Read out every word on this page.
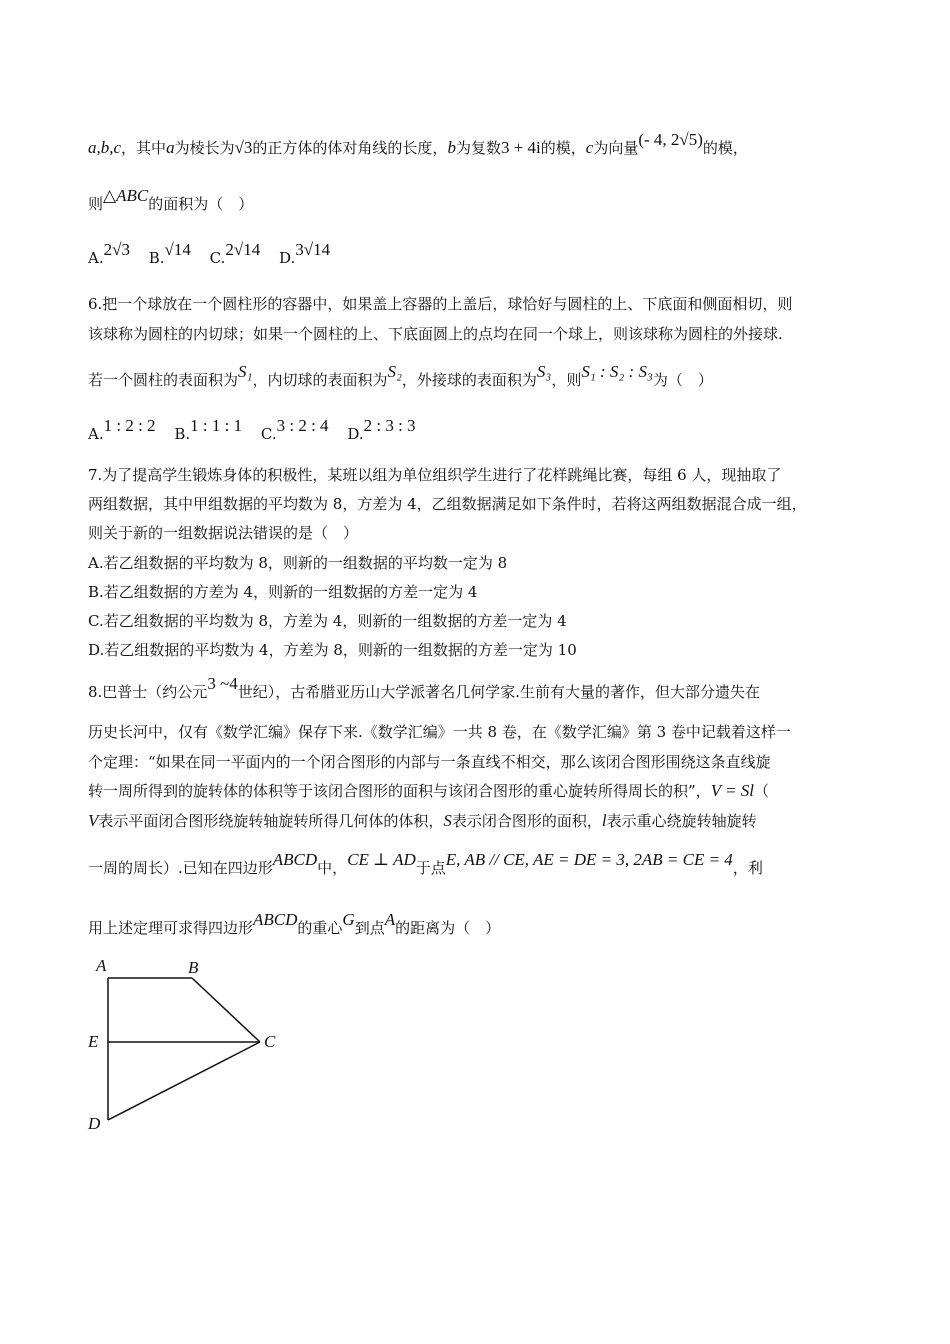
a,b,c，其中a为棱长为√3的正方体的体对角线的长度，b为复数3 + 4i的模，c为向量(- 4, 2√5)的模，
则△ABC的面积为（　）
A.2√3 B.√14 C.2√14 D.3√14
6.把一个球放在一个圆柱形的容器中，如果盖上容器的上盖后，球恰好与圆柱的上、下底面和侧面相切，则
该球称为圆柱的内切球；如果一个圆柱的上、下底面圆上的点均在同一个球上，则该球称为圆柱的外接球.
若一个圆柱的表面积为S₁，内切球的表面积为S₂，外接球的表面积为S₃，则S₁ : S₂ : S₃为（　）
A.1 : 2 : 2 B.1 : 1 : 1 C.3 : 2 : 4 D.2 : 3 : 3
7.为了提高学生锻炼身体的积极性，某班以组为单位组织学生进行了花样跳绳比赛，每组 6 人，现抽取了
两组数据，其中甲组数据的平均数为 8，方差为 4，乙组数据满足如下条件时，若将这两组数据混合成一组，
则关于新的一组数据说法错误的是（　）
A.若乙组数据的平均数为 8，则新的一组数据的平均数一定为 8
B.若乙组数据的方差为 4，则新的一组数据的方差一定为 4
C.若乙组数据的平均数为 8，方差为 4，则新的一组数据的方差一定为 4
D.若乙组数据的平均数为 4，方差为 8，则新的一组数据的方差一定为 10
8.巴普士（约公元3 ~4世纪），古希腊亚历山大学派著名几何学家.生前有大量的著作，但大部分遗失在
历史长河中，仅有《数学汇编》保存下来.《数学汇编》一共 8 卷，在《数学汇编》第 3 卷中记载着这样一
个定理：“如果在同一平面内的一个闭合图形的内部与一条直线不相交，那么该闭合图形围绕这条直线旋
转一周所得到的旋转体的体积等于该闭合图形的面积与该闭合图形的重心旋转所得周长的积”，V = Sl（
V表示平面闭合图形绕旋转轴旋转所得几何体的体积，S表示闭合图形的面积，l表示重心绕旋转轴旋转
一周的周长）.已知在四边形ABCD中，CE ⊥ AD于点E, AB // CE, AE = DE = 3, 2AB = CE = 4，利
用上述定理可求得四边形ABCD的重心G到点A的距离为（　）
A	B
C
E
D
